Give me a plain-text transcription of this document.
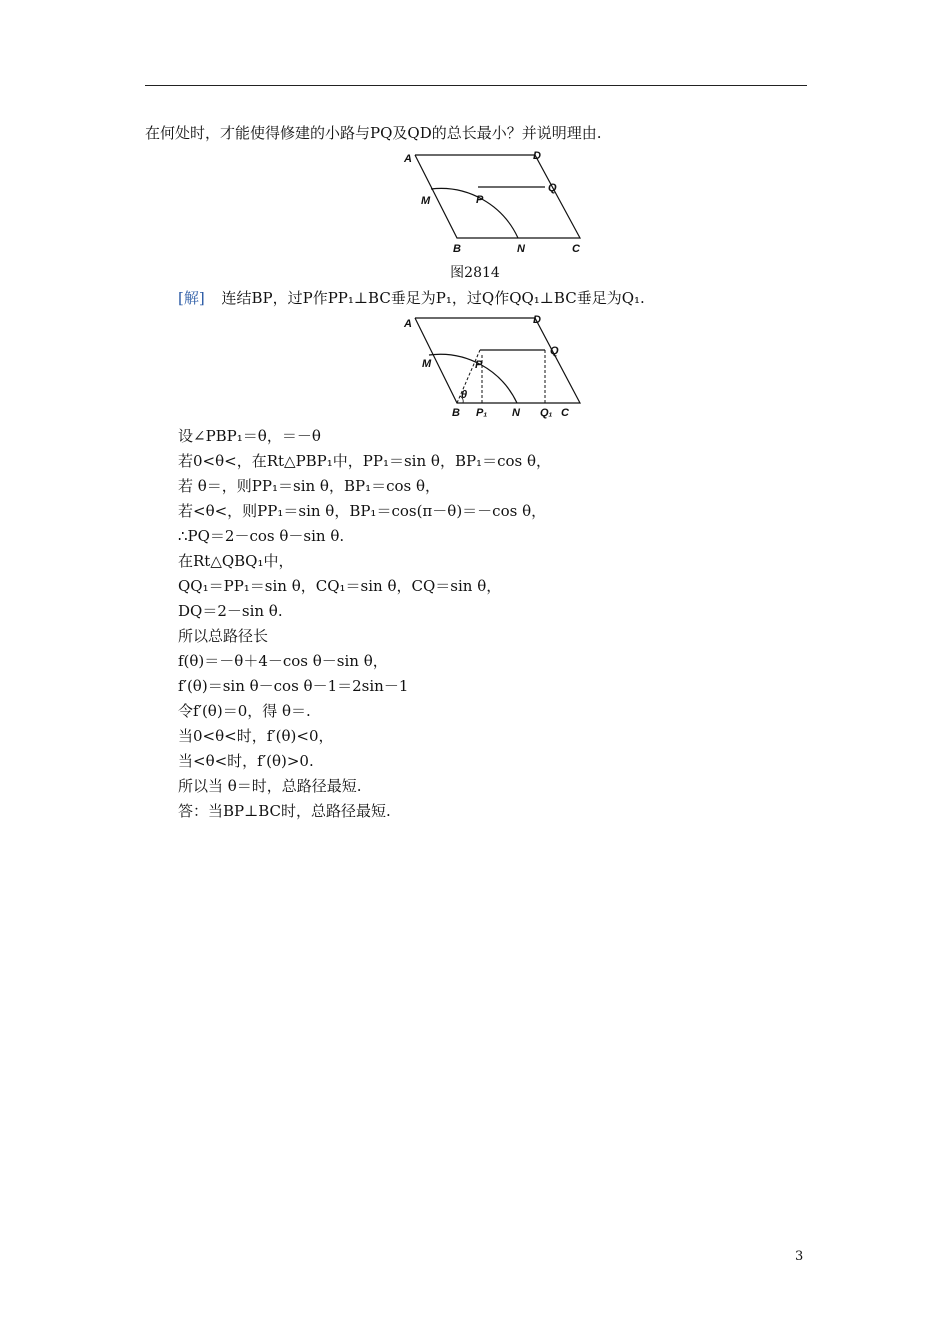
在何处时，才能使得修建的小路与PQ及QD的总长最小？并说明理由.
A	D
Q
M	P
B	N	C
图2814
[解] 连结BP，过P作PP₁⊥BC垂足为P₁，过Q作QQ₁⊥BC垂足为Q₁.
A	D
Q
M	P
θ
B P₁ N Q₁ C
设∠PBP₁＝θ，＝－θ
若0<θ<，在Rt△PBP₁中，PP₁＝sin θ，BP₁＝cos θ，
若 θ＝，则PP₁＝sin θ，BP₁＝cos θ，
若<θ<，则PP₁＝sin θ，BP₁＝cos(π－θ)＝－cos θ，
∴PQ＝2－cos θ－sin θ.
在Rt△QBQ₁中，
QQ₁＝PP₁＝sin θ，CQ₁＝sin θ，CQ＝sin θ，
DQ＝2－sin θ.
所以总路径长
f(θ)＝－θ＋4－cos θ－sin θ，
f′(θ)＝sin θ－cos θ－1＝2sin－1
令f′(θ)＝0，得 θ＝.
当0<θ<时，f′(θ)<0，
当<θ<时，f′(θ)>0.
所以当 θ＝时，总路径最短.
答：当BP⊥BC时，总路径最短.
3
